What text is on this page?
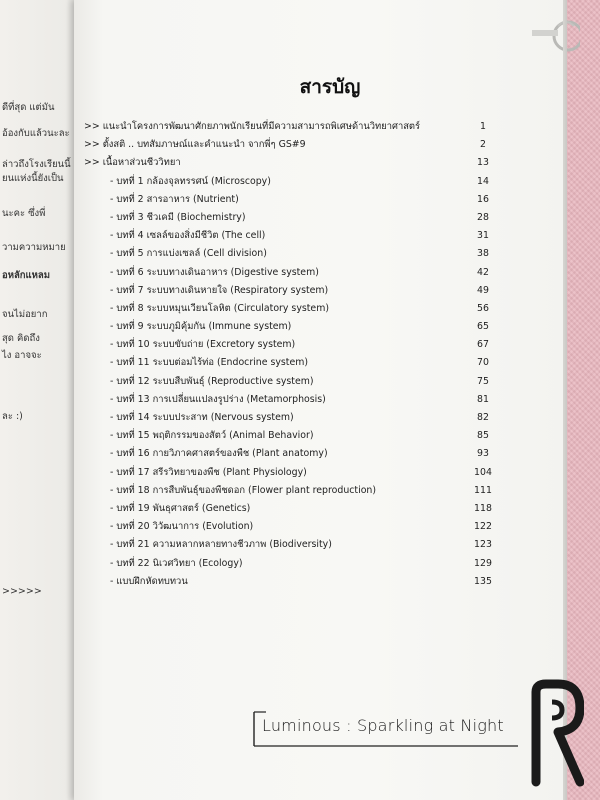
ดีที่สุด แต่มัน
อ้องกับแล้วนะละ
ล่าวถึงโรงเรียนนี้
ยนแห่งนี้ยังเป็น
นะคะ ซึ่งพี่
วามความหมาย
อหลักแหลม
จนไม่อยาก
สุด คิดถึง
ไง อาจจะ
ละ :)
>>>>>
สารบัญ
>> แนะนำโครงการพัฒนาศักยภาพนักเรียนที่มีความสามารถพิเศษด้านวิทยาศาสตร์	1
>> ตั้งสติ .. บทสัมภาษณ์และคำแนะนำ จากพี่ๆ GS#9	2
>> เนื้อหาส่วนชีววิทยา	13
- บทที่ 1 กล้องจุลทรรศน์ (Microscopy)	14
- บทที่ 2 สารอาหาร (Nutrient)	16
- บทที่ 3 ชีวเคมี (Biochemistry)	28
- บทที่ 4 เซลล์ของสิ่งมีชีวิต (The cell)	31
- บทที่ 5 การแบ่งเซลล์ (Cell division)	38
- บทที่ 6 ระบบทางเดินอาหาร (Digestive system)	42
- บทที่ 7 ระบบทางเดินหายใจ (Respiratory system)	49
- บทที่ 8 ระบบหมุนเวียนโลหิต (Circulatory system)	56
- บทที่ 9 ระบบภูมิคุ้มกัน (Immune system)	65
- บทที่ 10 ระบบขับถ่าย (Excretory system)	67
- บทที่ 11 ระบบต่อมไร้ท่อ (Endocrine system)	70
- บทที่ 12 ระบบสืบพันธุ์ (Reproductive system)	75
- บทที่ 13 การเปลี่ยนแปลงรูปร่าง (Metamorphosis)	81
- บทที่ 14 ระบบประสาท (Nervous system)	82
- บทที่ 15 พฤติกรรมของสัตว์ (Animal Behavior)	85
- บทที่ 16 กายวิภาคศาสตร์ของพืช (Plant anatomy)	93
- บทที่ 17 สรีรวิทยาของพืช (Plant Physiology)	104
- บทที่ 18 การสืบพันธุ์ของพืชดอก (Flower plant reproduction)	111
- บทที่ 19 พันธุศาสตร์ (Genetics)	118
- บทที่ 20 วิวัฒนาการ (Evolution)	122
- บทที่ 21 ความหลากหลายทางชีวภาพ (Biodiversity)	123
- บทที่ 22 นิเวศวิทยา (Ecology)	129
- แบบฝึกหัดทบทวน	135
Luminous : Sparkling at Night
